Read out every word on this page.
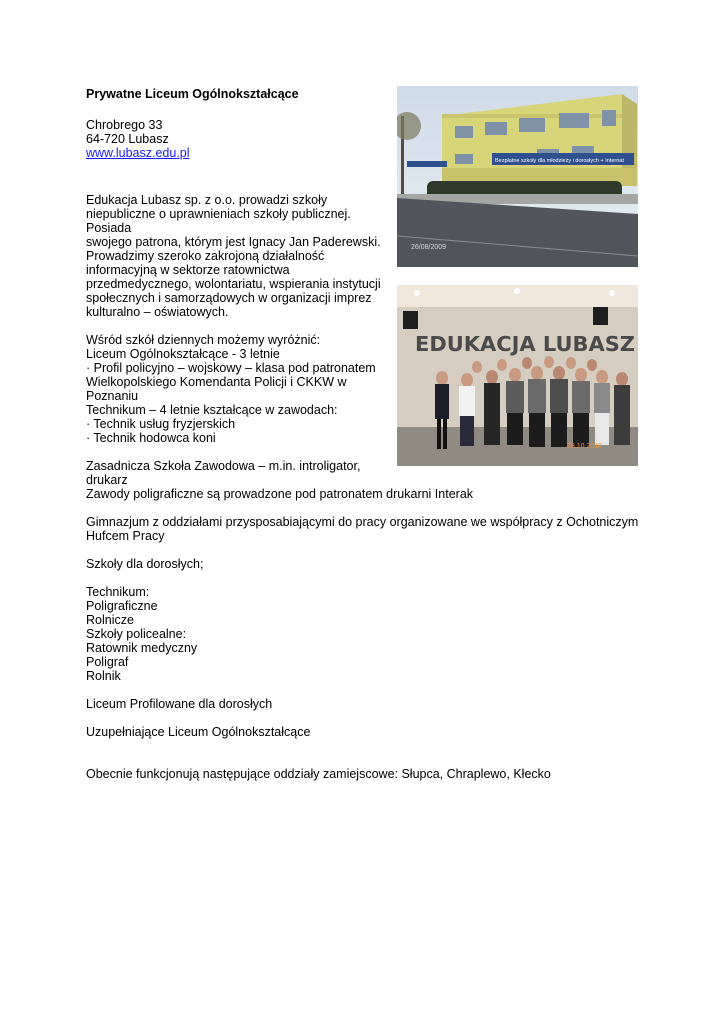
Prywatne Liceum Ogólnokształcące
Chrobrego 33
64-720 Lubasz
www.lubasz.edu.pl
Edukacja Lubasz sp. z o.o. prowadzi szkoły
niepubliczne o uprawnieniach szkoły publicznej.
Posiada
swojego patrona, którym jest Ignacy Jan Paderewski.
Prowadzimy szeroko zakrojoną działalność
informacyjną w sektorze ratownictwa
przedmedycznego, wolontariatu, wspierania instytucji
społecznych i samorządowych w organizacji imprez
kulturalno – oświatowych.
Wśród szkół dziennych możemy wyróżnić:
Liceum Ogólnokształcące - 3 letnie
· Profil policyjno – wojskowy – klasa pod patronatem
Wielkopolskiego Komendanta Policji i CKKW w
Poznaniu
Technikum – 4 letnie kształcące w zawodach:
· Technik usług fryzjerskich
· Technik hodowca koni
Zasadnicza Szkoła Zawodowa – m.in. introligator,
drukarz
Zawody poligraficzne są prowadzone pod patronatem drukarni Interak
Gimnazjum z oddziałami przysposabiającymi do pracy organizowane we współpracy z Ochotniczym
Hufcem Pracy
Szkoły dla dorosłych;
Technikum:
Poligraficzne
Rolnicze
Szkoły policealne:
Ratownik medyczny
Poligraf
Rolnik
Liceum Profilowane dla dorosłych
Uzupełniające Liceum Ogólnokształcące
Obecnie funkcjonują następujące oddziały zamiejscowe: Słupca, Chraplewo, Kłecko
Bezpłatne szkoły dla młodzieży i dorosłych + Internat
26/08/2009
EDUKACJA LUBASZ
28.10.2010
